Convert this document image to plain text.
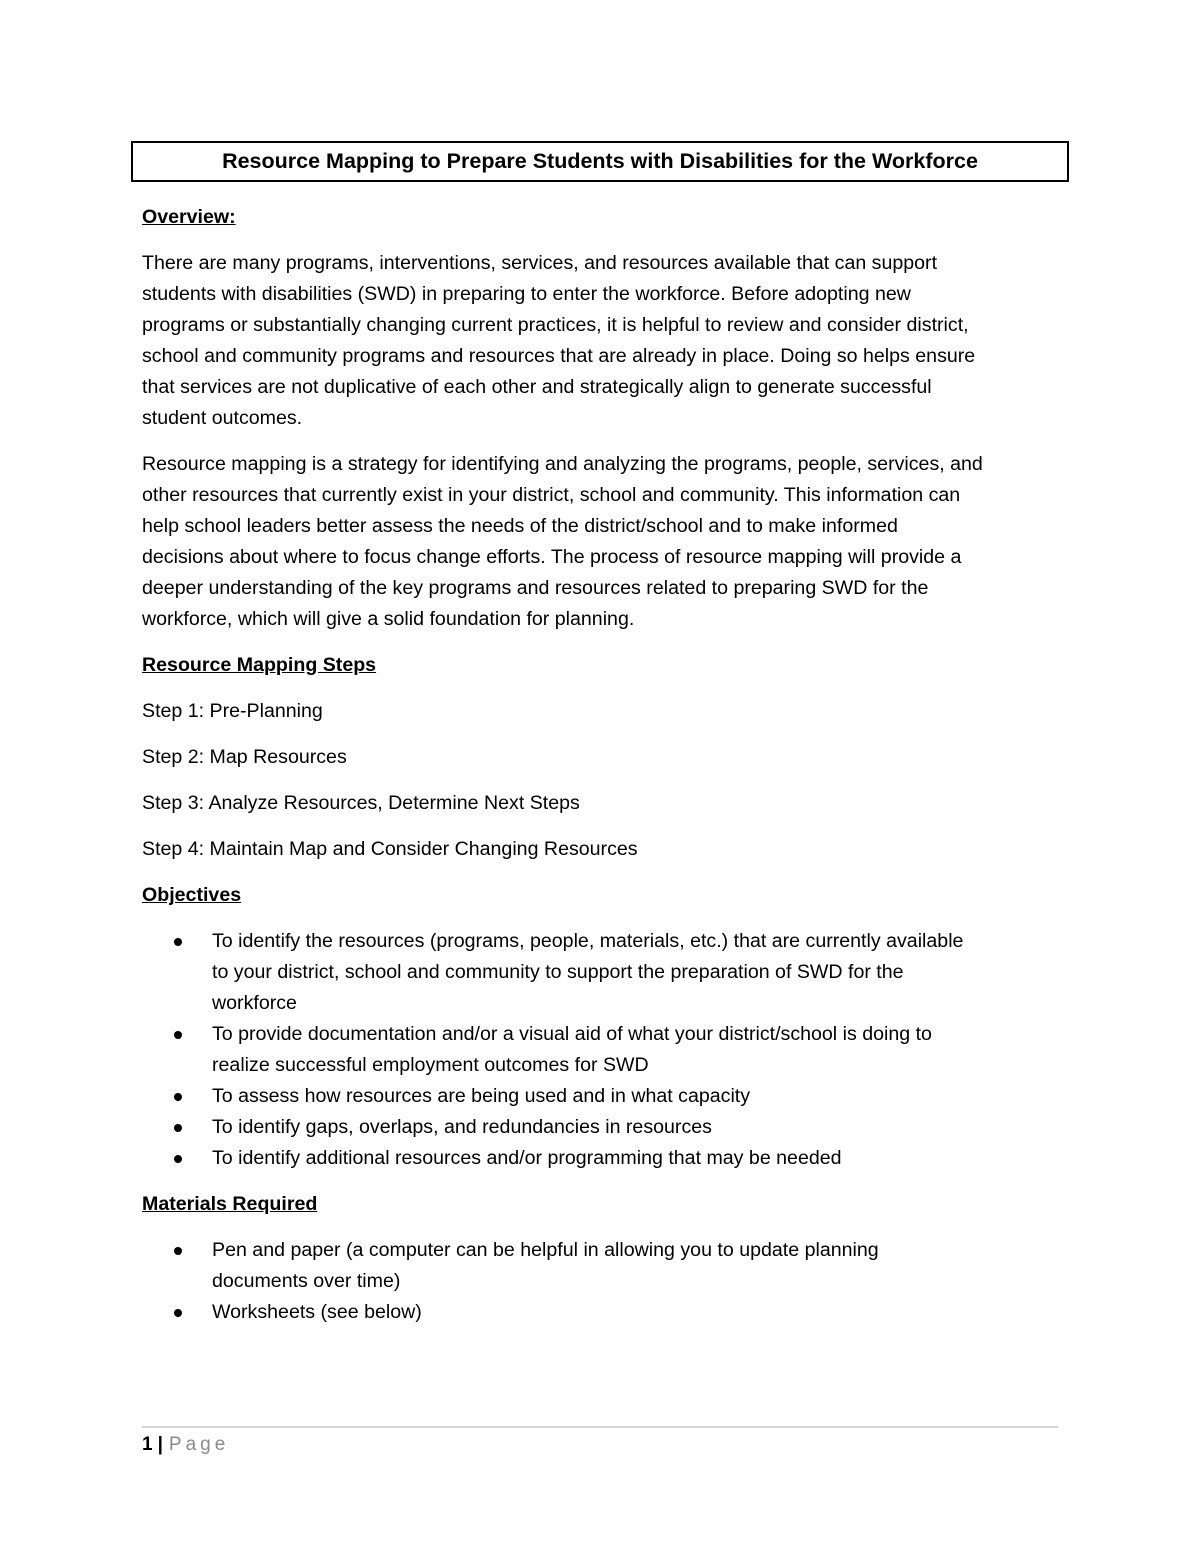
Resource Mapping to Prepare Students with Disabilities for the Workforce
Overview:

There are many programs, interventions, services, and resources available that can support

students with disabilities (SWD) in preparing to enter the workforce. Before adopting new

programs or substantially changing current practices, it is helpful to review and consider district,

school and community programs and resources that are already in place. Doing so helps ensure

that services are not duplicative of each other and strategically align to generate successful

student outcomes.

Resource mapping is a strategy for identifying and analyzing the programs, people, services, and

other resources that currently exist in your district, school and community. This information can

help school leaders better assess the needs of the district/school and to make informed

decisions about where to focus change efforts. The process of resource mapping will provide a

deeper understanding of the key programs and resources related to preparing SWD for the

workforce, which will give a solid foundation for planning.

Resource Mapping Steps
Step 1: Pre-Planning
Step 2: Map Resources
Step 3: Analyze Resources, Determine Next Steps
Step 4: Maintain Map and Consider Changing Resources
Objectives
To identify the resources (programs, people, materials, etc.) that are currently available
to your district, school and community to support the preparation of SWD for the
workforce
To provide documentation and/or a visual aid of what your district/school is doing to
realize successful employment outcomes for SWD
To assess how resources are being used and in what capacity
To identify gaps, overlaps, and redundancies in resources
To identify additional resources and/or programming that may be needed
Materials Required
Pen and paper (a computer can be helpful in allowing you to update planning
documents over time)
Worksheets (see below)
1 | Page
